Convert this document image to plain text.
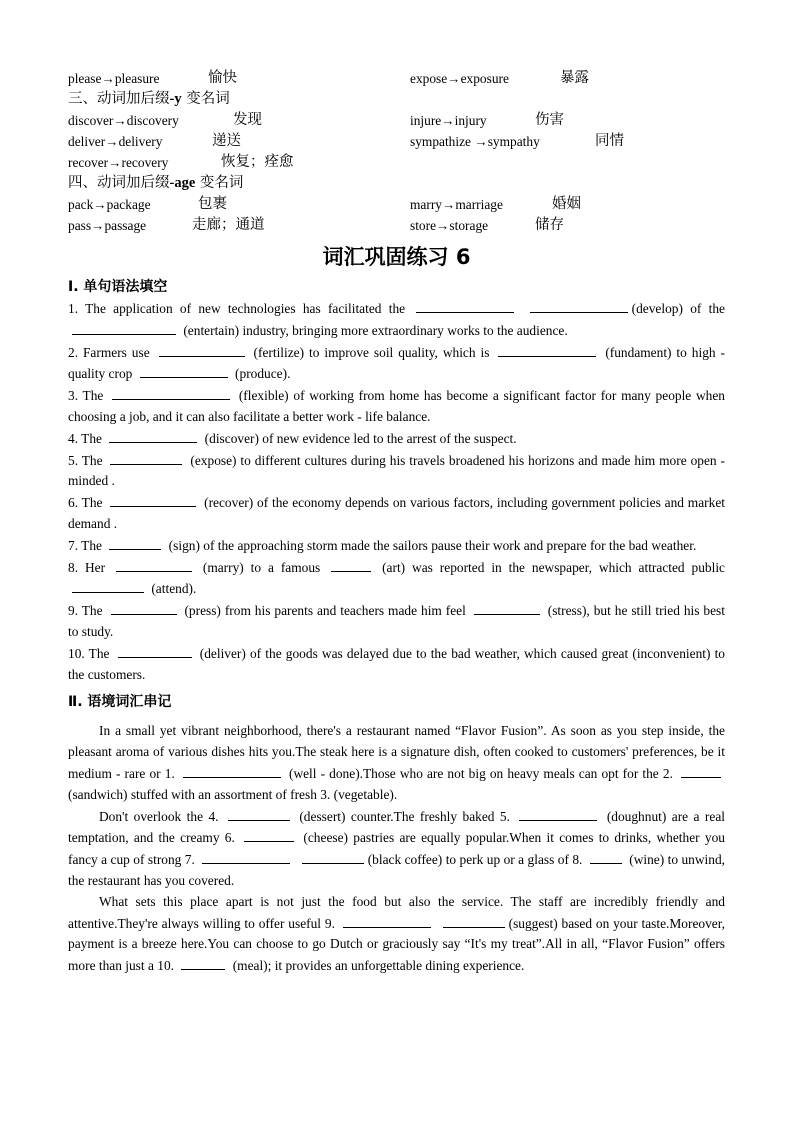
please→pleasure	愉快	expose→exposure	暴露
三、动词加后缀-y 变名词
discover→discovery	发现	injure→injury	伤害
deliver→delivery	递送	sympathize →sympathy	同情
recover→recovery	恢复；痊愈
四、动词加后缀-age 变名词
pack→package	包裹	marry→marriage	婚姻
pass→passage	走廊；通道	store→storage	储存
词汇巩固练习 6
Ⅰ. 单句语法填空

1. The application of new technologies has facilitated the	(develop) of the  (entertain) industry, bringing more extraordinary works to the audience.

2. Farmers use	(fertilize) to improve soil quality, which is	(fundament) to high - quality crop	(produce).

3. The	(flexible) of working from home has become a significant factor for many people when choosing a job, and it can also facilitate a better work - life balance.

4. The	(discover) of new evidence led to the arrest of the suspect.

5. The	(expose) to different cultures during his travels broadened his horizons and made him more open - minded .

6. The	(recover) of the economy depends on various factors, including government policies and market demand .

7. The	(sign) of the approaching storm made the sailors pause their work and prepare for the bad weather.

8. Her	(marry) to a famous	(art) was reported in the newspaper, which attracted public  (attend).

9. The	(press) from his parents and teachers made him feel	(stress), but he still tried his best to study.

10. The	(deliver) of the goods was delayed due to the bad weather, which caused great (inconvenient) to the customers.

Ⅱ. 语境词汇串记

In a small yet vibrant neighborhood, there's a restaurant named “Flavor Fusion”. As soon as you step inside, the pleasant aroma of various dishes hits you.The steak here is a signature dish, often cooked to customers' preferences, be it medium - rare or 1.	(well - done).Those who are not big on heavy meals can opt for the 2.  (sandwich) stuffed with an assortment of fresh 3. (vegetable).

Don't overlook the 4.	(dessert) counter.The freshly baked 5.	(doughnut) are a real temptation, and the creamy 6.	(cheese) pastries are equally popular.When it comes to drinks, whether you fancy a cup of strong 7.	(black coffee) to perk up or a glass of 8.	(wine) to unwind, the restaurant has you covered.

What sets this place apart is not just the food but also the service. The staff are incredibly friendly and attentive.They're always willing to offer useful 9.	(suggest) based on your taste.Moreover, payment is a breeze here.You can choose to go Dutch or graciously say “It's my treat”.All in all, “Flavor Fusion” offers more than just a 10.	(meal); it provides an unforgettable dining experience.
